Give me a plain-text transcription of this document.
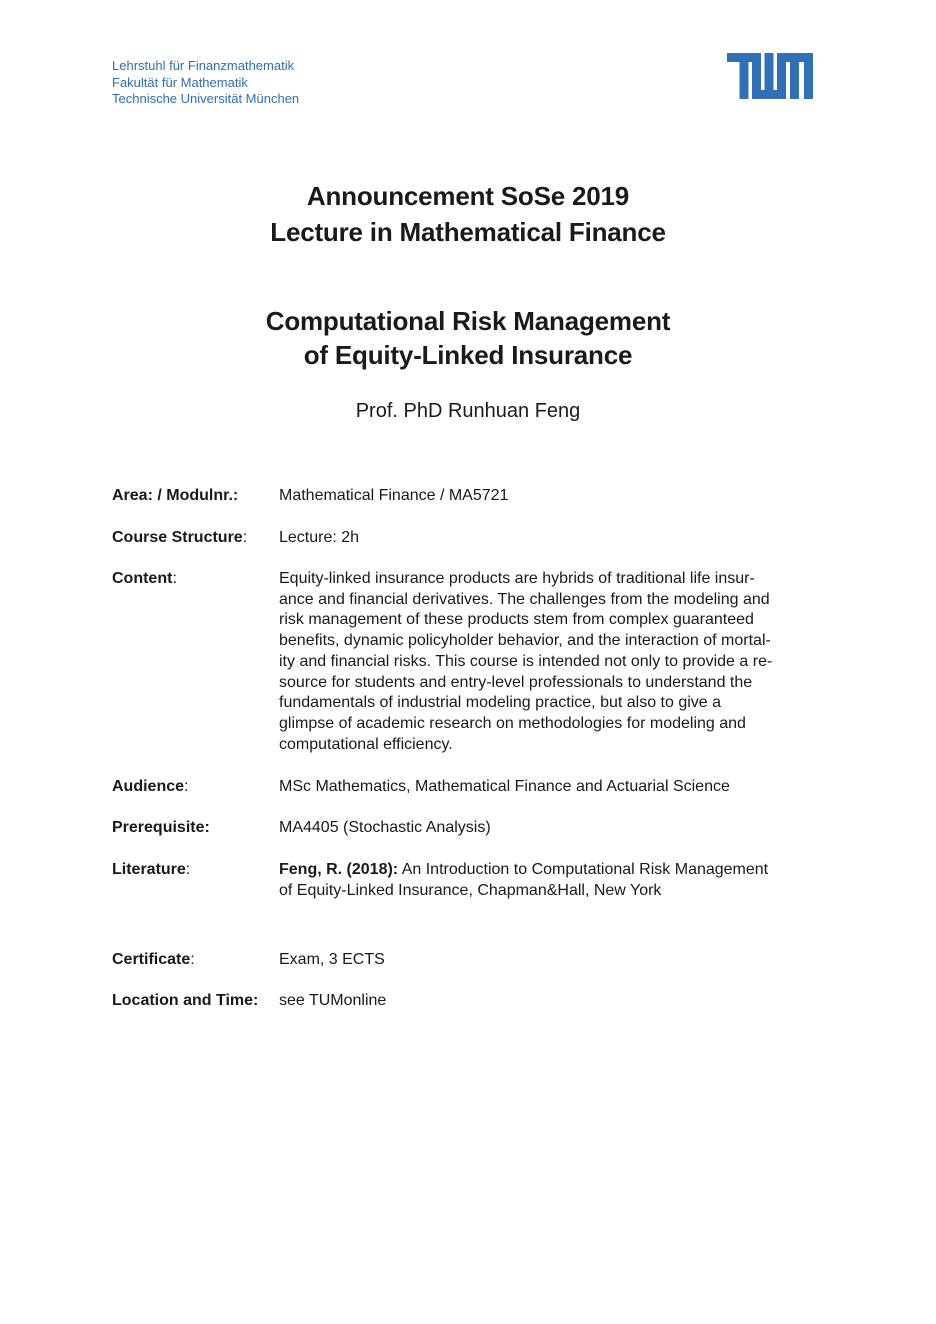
Lehrstuhl für Finanzmathematik
Fakultät für Mathematik
Technische Universität München
Announcement SoSe 2019
Lecture in Mathematical Finance
Computational Risk Management
of Equity-Linked Insurance
Prof. PhD Runhuan Feng
Area: / Modulnr.:	Mathematical Finance / MA5721
Course Structure:	Lecture: 2h
Content:	Equity-linked insurance products are hybrids of traditional life insur-
ance and financial derivatives. The challenges from the modeling and
risk management of these products stem from complex guaranteed
benefits, dynamic policyholder behavior, and the interaction of mortal-
ity and financial risks. This course is intended not only to provide a re-
source for students and entry-level professionals to understand the
fundamentals of industrial modeling practice, but also to give a
glimpse of academic research on methodologies for modeling and
computational efficiency.
Audience:	MSc Mathematics, Mathematical Finance and Actuarial Science
Prerequisite:	MA4405 (Stochastic Analysis)
Literature:	Feng, R. (2018): An Introduction to Computational Risk Management
of Equity-Linked Insurance, Chapman&Hall, New York
Certificate:	Exam, 3 ECTS
Location and Time:	see TUMonline
